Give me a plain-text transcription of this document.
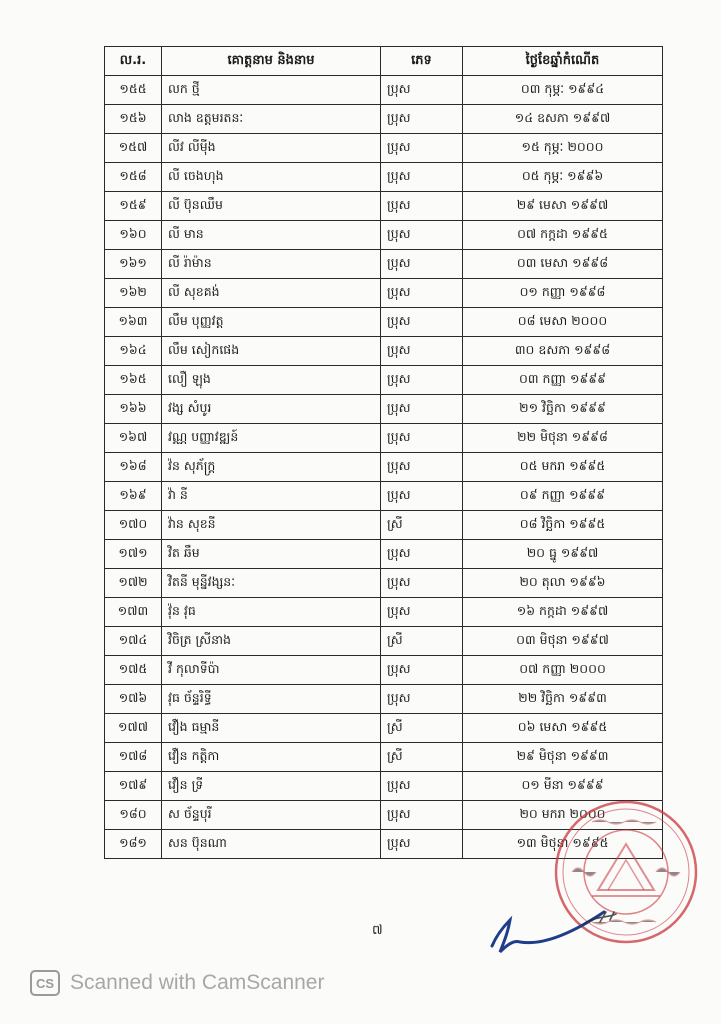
ល.រ.	គោត្តនាម និងនាម	ភេទ	ថ្ងៃខែឆ្នាំកំណើត
១៥៥	លក ថ្មី	ប្រុស	០៣ កុម្ភៈ ១៩៩៤
១៥៦	លាង ឧត្តមរតនៈ	ប្រុស	១៤ ឧសភា ១៩៩៧
១៥៧	លីវ លីម៉ីង	ប្រុស	១៥ កុម្ភៈ ២០០០
១៥៨	លី ចេងហុង	ប្រុស	០៥ កុម្ភៈ ១៩៩៦
១៥៩	លី ប៊ុនឈឹម	ប្រុស	២៩ មេសា ១៩៩៧
១៦០	លី មាន	ប្រុស	០៧ កក្កដា ១៩៩៥
១៦១	លី រ៉ាម៉ាន	ប្រុស	០៣ មេសា ១៩៩៨
១៦២	លី សុខគង់	ប្រុស	០១ កញ្ញា ១៩៩៨
១៦៣	លឹម បុញ្ញវត្ត	ប្រុស	០៨ មេសា ២០០០
១៦៤	លឹម សៀកផេង	ប្រុស	៣០ ឧសភា ១៩៩៨
១៦៥	លឿ ឡុង	ប្រុស	០៣ កញ្ញា ១៩៩៩
១៦៦	វង្ស សំបូរ	ប្រុស	២១ វិច្ឆិកា ១៩៩៩
១៦៧	វណ្ណ បញ្ញាវឌ្ឍន៍	ប្រុស	២២ មិថុនា ១៩៩៨
១៦៨	វ៉ន សុភ័ក្ត្រ	ប្រុស	០៥ មករា ១៩៩៥
១៦៩	វ៉ា នី	ប្រុស	០៩ កញ្ញា ១៩៩៩
១៧០	វ៉ាន សុខនី	ស្រី	០៨ វិច្ឆិកា ១៩៩៥
១៧១	វិត ឆឹម	ប្រុស	២០ ធ្នូ ១៩៩៧
១៧២	វិតនី មុន្នីវង្សនៈ	ប្រុស	២០ តុលា ១៩៩៦
១៧៣	វ៉ុន វុធ	ប្រុស	១៦ កក្កដា ១៩៩៧
១៧៤	វិចិត្រ ស្រីនាង	ស្រី	០៣ មិថុនា ១៩៩៧
១៧៥	វី កុលាទីប៉ា	ប្រុស	០៧ កញ្ញា ២០០០
១៧៦	វុធ ច័ន្ទរិទ្ធី	ប្រុស	២២ វិច្ឆិកា ១៩៩៣
១៧៧	វឿង ធម្មានី	ស្រី	០៦ មេសា ១៩៩៥
១៧៨	វឿន កត្តិកា	ស្រី	២៩ មិថុនា ១៩៩៣
១៧៩	វឿន ទ្រី	ប្រុស	០១ មីនា ១៩៩៩
១៨០	ស ច័ន្ទបុរី	ប្រុស	២០ មករា ២០០០
១៨១	សន ប៊ុនណា	ប្រុស	១៣ មិថុនា ១៩៩៥
៧
CS Scanned with CamScanner
